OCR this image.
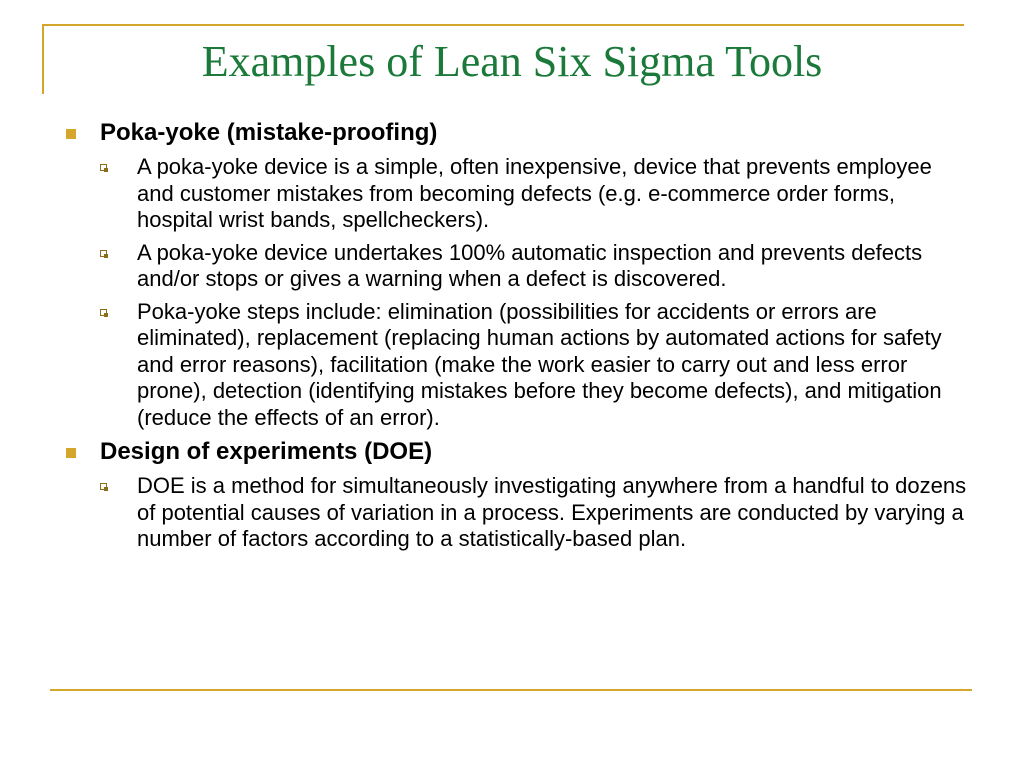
Examples of Lean Six Sigma Tools
Poka-yoke (mistake-proofing)
A poka-yoke device is a simple, often inexpensive, device that prevents employee and customer mistakes from becoming defects (e.g. e-commerce order forms, hospital wrist bands, spellcheckers).
A poka-yoke device undertakes 100% automatic inspection and prevents defects and/or stops or gives a warning when a defect is discovered.
Poka-yoke steps include: elimination (possibilities for accidents or errors are eliminated), replacement (replacing human actions by automated actions for safety and error reasons), facilitation (make the work easier to carry out and less error prone), detection (identifying mistakes before they become defects), and mitigation (reduce the effects of an error).
Design of experiments (DOE)
DOE is a method for simultaneously investigating anywhere from a handful to dozens of potential causes of variation in a process. Experiments are conducted by varying a number of factors according to a statistically-based plan.
